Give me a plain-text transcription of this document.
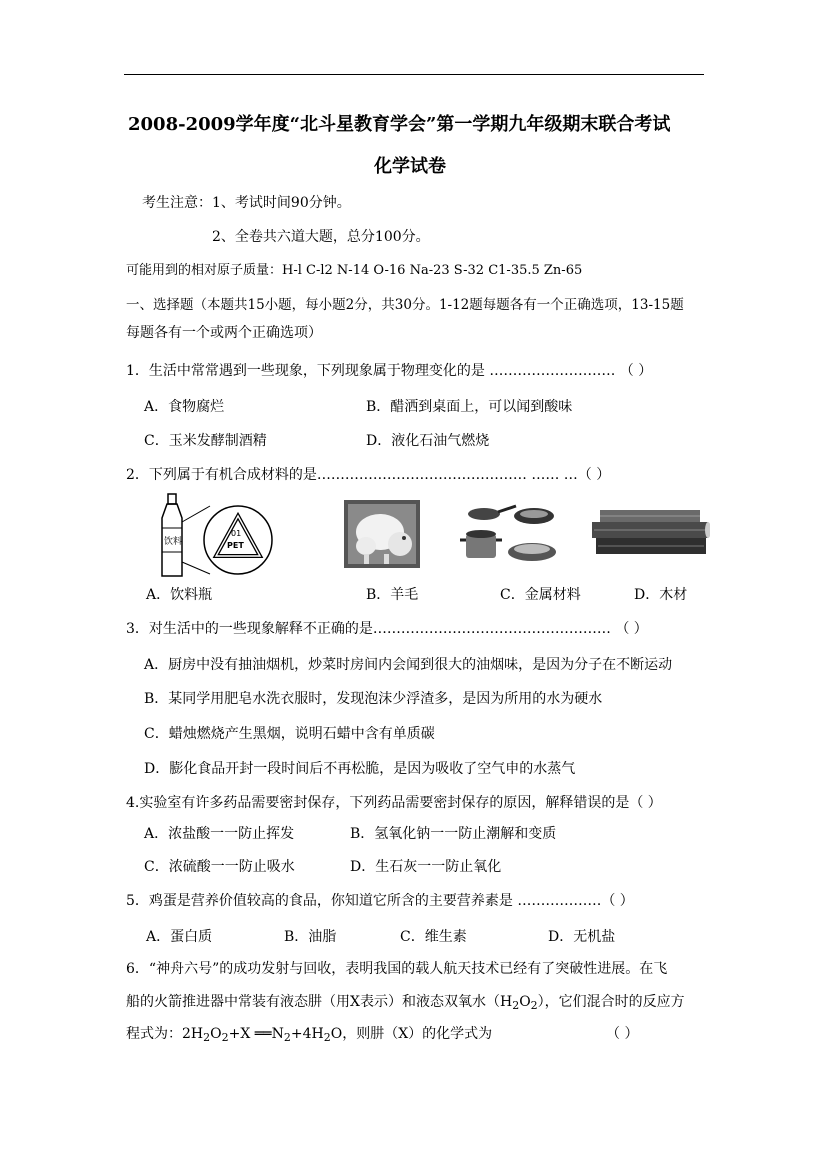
2008-2009学年度“北斗星教育学会”第一学期九年级期末联合考试
化学试卷
考生注意：1、考试时间90分钟。
2、全卷共六道大题，总分100分。
可能用到的相对原子质量：H-l C-l2 N-14 O-16 Na-23 S-32 C1-35.5 Zn-65
一、选择题（本题共15小题，每小题2分，共30分。1-12题每题各有一个正确选项，13-15题
每题各有一个或两个正确选项）
1．生活中常常遇到一些现象，下列现象属于物理变化的是 ……………………… （ ）
A．食物腐烂	B．醋洒到桌面上，可以闻到酸味
C．玉米发酵制酒精	D．液化石油气燃烧
2．下列属于有机合成材料的是……………………………………… …… …（ ）
饮料
01
PET
A．饮料瓶	B．羊毛	C．金属材料	D．木材
3．对生活中的一些现象解释不正确的是…………………………………………… （ ）
A．厨房中没有抽油烟机，炒菜时房间内会闻到很大的油烟味，是因为分子在不断运动
B．某同学用肥皂水洗衣服时，发现泡沫少浮渣多，是因为所用的水为硬水
C．蜡烛燃烧产生黑烟，说明石蜡中含有单质碳
D．膨化食品开封一段时间后不再松脆，是因为吸收了空气申的水蒸气
4.实验室有许多药品需要密封保存，下列药品需要密封保存的原因，解释错误的是（ ）
A．浓盐酸一一防止挥发	B．氢氧化钠一一防止潮解和变质
C．浓硫酸一一防止吸水	D．生石灰一一防止氧化
5．鸡蛋是营养价值较高的食品，你知道它所含的主要营养素是 ………………（ ）
A．蛋白质	B．油脂	C．维生素	D．无机盐
6．“神舟六号”的成功发射与回收，表明我国的载人航天技术已经有了突破性进展。在飞
船的火箭推进器中常装有液态肼（用X表示）和液态双氧水$(H_2O_2)$，它们混合时的反应方
程式为：$2H_2O_2+X$ $══N_2+4H_2O$，则肼（X）的化学式为	（ ）
